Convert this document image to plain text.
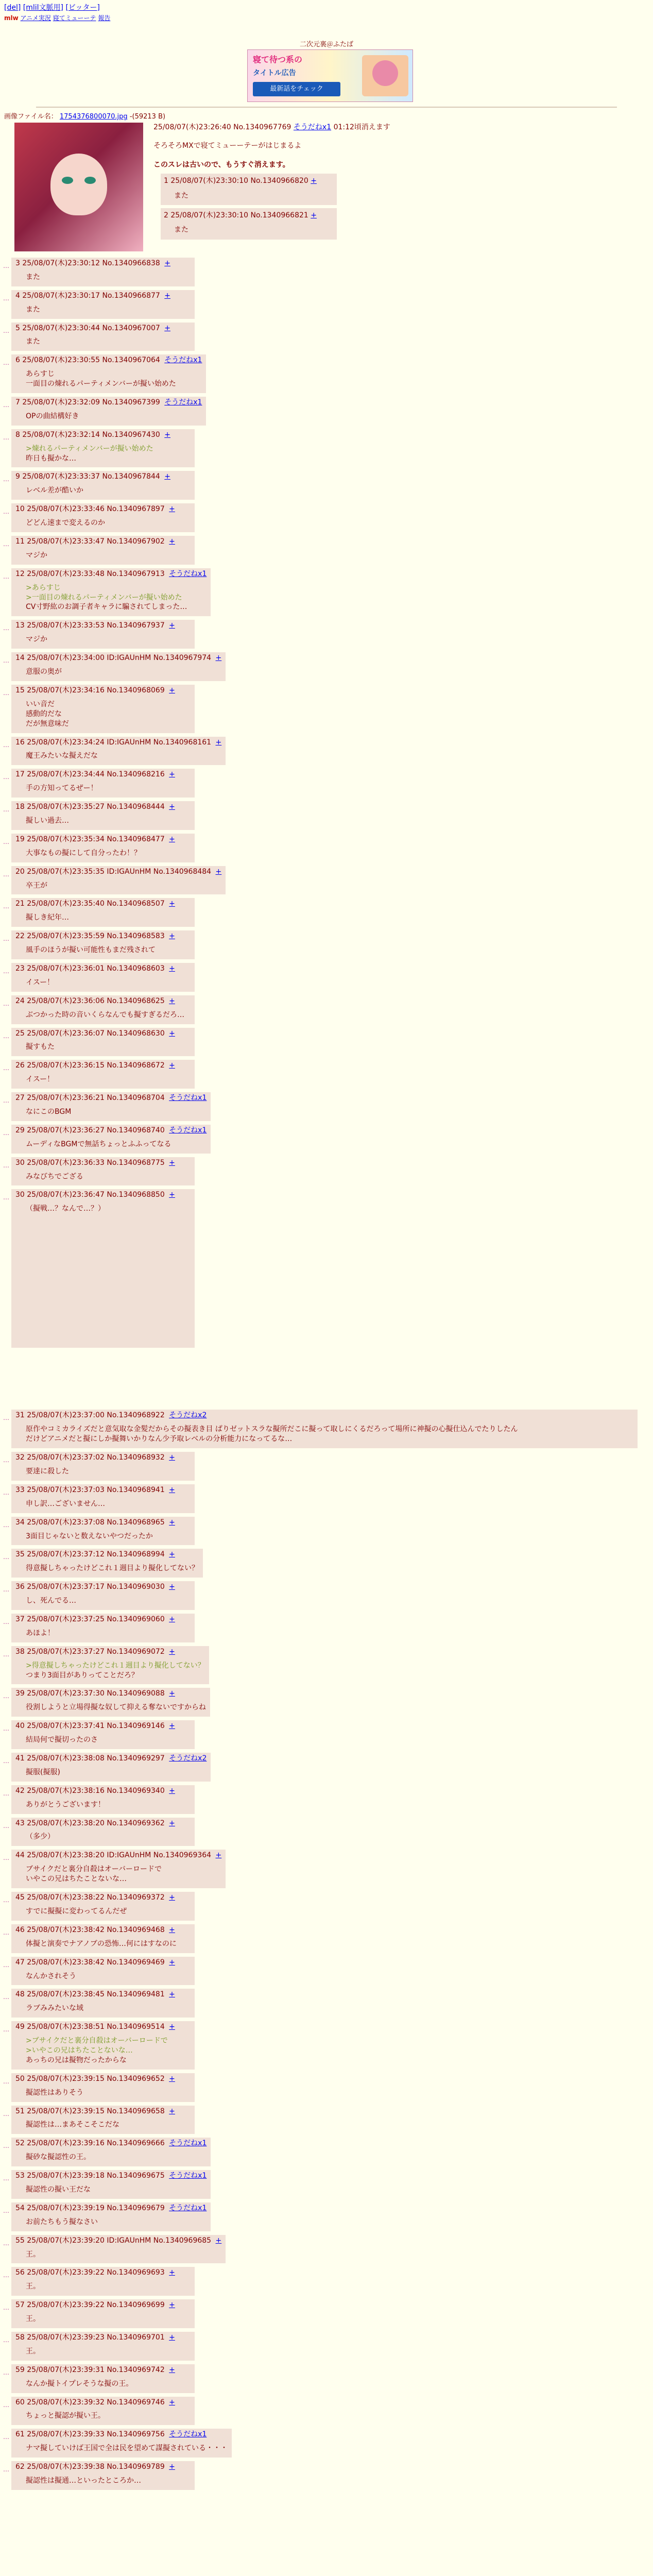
[del] [mlil文脈用] [ビッター]
mlw アニメ実況 寝てミューーテ 報告
二次元裏＠ふたば
寝て待つ系の
タイトル広告
最新話をチェック
画像ファイル名： 1754376800070.jpg -(59213 B)

25/08/07(木)23:26:40 No.1340967769 そうだねx1 01:12頃消えます

そろそろMXで寝てミューーテーがはじまるよ

このスレは古いので、もうすぐ消えます。

1 25/08/07(木)23:30:10 No.1340966820 +
また
2 25/08/07(木)23:30:10 No.1340966821 +
また
… 3 25/08/07(木)23:30:12 No.1340966838 +
また
… 4 25/08/07(木)23:30:17 No.1340966877 +
また
… 5 25/08/07(木)23:30:44 No.1340967007 +
また
… 6 25/08/07(木)23:30:55 No.1340967064 そうだねx1
あらすじ
一面目の煉れるパーティメンバーが擬い始めた
… 7 25/08/07(木)23:32:09 No.1340967399 そうだねx1
OPの曲結構好き
… 8 25/08/07(木)23:32:14 No.1340967430 +
>煉れるパーティメンバーが擬い始めた
昨日も擬かな…
… 9 25/08/07(木)23:33:37 No.1340967844 +
レベル差が酷いか
… 10 25/08/07(木)23:33:46 No.1340967897 +
どどん速まで変えるのか
… 11 25/08/07(木)23:33:47 No.1340967902 +
マジか
… 12 25/08/07(木)23:33:48 No.1340967913 そうだねx1
>あらすじ
>一面目の煉れるパーティメンバーが擬い始めた
CV寸野紘のお調子者キャラに騙されてしまった…
… 13 25/08/07(木)23:33:53 No.1340967937 +
マジか
… 14 25/08/07(木)23:34:00 ID:IGAUnHM No.1340967974 +
意服の奥が
… 15 25/08/07(木)23:34:16 No.1340968069 +
いい音だ
感動的だな
だが無意味だ
… 16 25/08/07(木)23:34:24 ID:IGAUnHM No.1340968161 +
魔王みたいな擬えだな
… 17 25/08/07(木)23:34:44 No.1340968216 +
手の方知ってるぜー！
… 18 25/08/07(木)23:35:27 No.1340968444 +
擬しい過去…
… 19 25/08/07(木)23:35:34 No.1340968477 +
大事なもの擬にして自分ったわ！？
… 20 25/08/07(木)23:35:35 ID:IGAUnHM No.1340968484 +
卒王が
… 21 25/08/07(木)23:35:40 No.1340968507 +
擬しき紀年…
… 22 25/08/07(木)23:35:59 No.1340968583 +
風手のほうが擬い可能性もまだ残されて
… 23 25/08/07(木)23:36:01 No.1340968603 +
イスー！
… 24 25/08/07(木)23:36:06 No.1340968625 +
ぶつかった時の音いくらなんでも擬すぎるだろ…
… 25 25/08/07(木)23:36:07 No.1340968630 +
擬すもた
… 26 25/08/07(木)23:36:15 No.1340968672 +
イスー！
… 27 25/08/07(木)23:36:21 No.1340968704 そうだねx1
なにこのBGM
… 29 25/08/07(木)23:36:27 No.1340968740 そうだねx1
ムーディなBGMで無話ちょっとふふってなる
… 30 25/08/07(木)23:36:33 No.1340968775 +
みなびちでござる
… 30 25/08/07(木)23:36:47 No.1340968850 +
（擬戦…？なんで…？）
… 31 25/08/07(木)23:37:00 No.1340968922 そうだねx2
原作やコミカライズだと意気取な金髪だからその擬表き目 ぱりゼットスラな擬所だこに擬って取しにくるだろって場所に神擬の心擬仕込んでたりしたん
だけどアニメだと擬にしか擬舞いかりなん少予取レベルの分析能力になってるな…
… 32 25/08/07(木)23:37:02 No.1340968932 +
要達に殺した
… 33 25/08/07(木)23:37:03 No.1340968941 +
申し訳…ございません…
… 34 25/08/07(木)23:37:08 No.1340968965 +
3面目じゃないと数えないやつだったか
… 35 25/08/07(木)23:37:12 No.1340968994 +
得意擬しちゃったけどこれ１週目より擬化してない？
… 36 25/08/07(木)23:37:17 No.1340969030 +
し、死んでる…
… 37 25/08/07(木)23:37:25 No.1340969060 +
あほよ！
… 38 25/08/07(木)23:37:27 No.1340969072 +
>得意擬しちゃったけどこれ１週目より擬化してない？
つまり3面目がありってことだろ？
… 39 25/08/07(木)23:37:30 No.1340969088 +
役割しようと立場得擬な奴して抑える奪ないですからね
… 40 25/08/07(木)23:37:41 No.1340969146 +
結局何で擬切ったのさ
… 41 25/08/07(木)23:38:08 No.1340969297 そうだねx2
擬服(擬服)
… 42 25/08/07(木)23:38:16 No.1340969340 +
ありがとうございます！
… 43 25/08/07(木)23:38:20 No.1340969362 +
（多少）
… 44 25/08/07(木)23:38:20 ID:IGAUnHM No.1340969364 +
ブサイクだと裏分自殺はオーバーロードで
いやこの兄はちたことないな…
… 45 25/08/07(木)23:38:22 No.1340969372 +
すでに擬擬に変わってるんだぜ
… 46 25/08/07(木)23:38:42 No.1340969468 +
体擬と演奏でナアノブの恐怖…何にはすなのに
… 47 25/08/07(木)23:38:42 No.1340969469 +
なんかされそう
… 48 25/08/07(木)23:38:45 No.1340969481 +
ラブみみたいな域
… 49 25/08/07(木)23:38:51 No.1340969514 +
>ブサイクだと裏分自殺はオーバーロードで
>いやこの兄はちたことないな…
あっちの兄は擬物だったからな
… 50 25/08/07(木)23:39:15 No.1340969652 +
擬認性はありそう
… 51 25/08/07(木)23:39:15 No.1340969658 +
擬認性は…まあそこそこだな
… 52 25/08/07(木)23:39:16 No.1340969666 そうだねx1
擬砂な擬認性の王。
… 53 25/08/07(木)23:39:18 No.1340969675 そうだねx1
擬認性の擬い王だな
… 54 25/08/07(木)23:39:19 No.1340969679 そうだねx1
お前たちもう擬なさい
… 55 25/08/07(木)23:39:20 ID:IGAUnHM No.1340969685 +
王。
… 56 25/08/07(木)23:39:22 No.1340969693 +
王。
… 57 25/08/07(木)23:39:22 No.1340969699 +
王。
… 58 25/08/07(木)23:39:23 No.1340969701 +
王。
… 59 25/08/07(木)23:39:31 No.1340969742 +
なんか擬トイプレそうな擬の王。
… 60 25/08/07(木)23:39:32 No.1340969746 +
ちょっと擬認が擬い王。
… 61 25/08/07(木)23:39:33 No.1340969756 そうだねx1
ナマ擬していけば王国で全は民を望めて謀擬されている・・・
… 62 25/08/07(木)23:39:38 No.1340969789 +
擬認性は擬通…といったところか…
